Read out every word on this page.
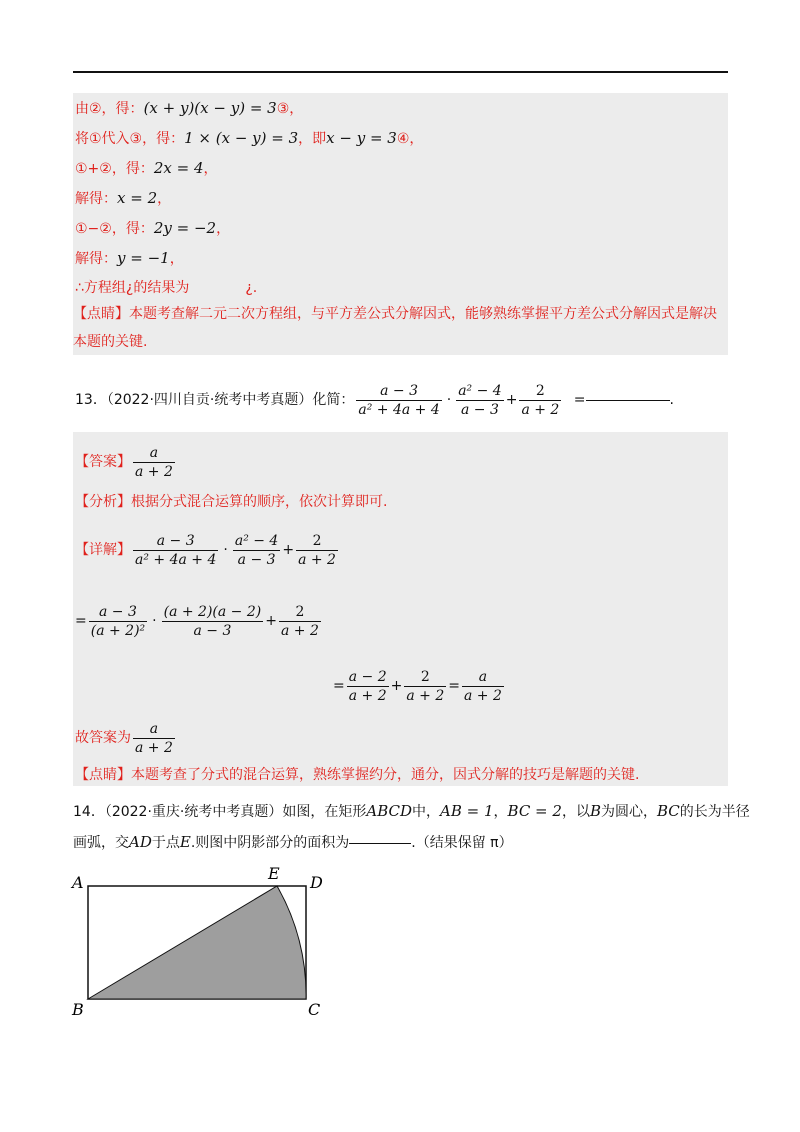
由②，得：(x + y)(x − y) = 3③，
将①代入③，得：1 × (x − y) = 3，即x − y = 3④，
①+②，得：2x = 4，
解得：x = 2，
①−②，得：2y = −2，
解得：y = −1，
∴方程组¿的结果为	¿.
【点睛】本题考查解二元二次方程组，与平方差公式分解因式，能够熟练掌握平方差公式分解因式是解决本题的关键.
13．（2022·四川自贡·统考中考真题）化简： $\frac{a - 3}{\text{a² + 4a + 4}} \cdot \frac{\text{a² − 4}}{a - 3} + \frac{2}{a + 2}$ =	.
【答案】 $\frac{a}{a + 2}$
【分析】根据分式混合运算的顺序，依次计算即可.
【详解】 $\frac{a - 3}{\text{a² + 4a + 4}} \cdot \frac{\text{a² − 4}}{a - 3} + \frac{2}{a + 2}$
= $\frac{a - 3}{\text{(a + 2)²}} \cdot \frac{(a + 2)(a - 2)}{a - 3} + \frac{2}{a + 2}$
= $\frac{a - 2}{a + 2} + \frac{2}{a + 2} = \frac{a}{a + 2}$
故答案为 $\frac{a}{a + 2}$
【点睛】本题考查了分式的混合运算，熟练掌握约分，通分，因式分解的技巧是解题的关键.
14．（2022·重庆·统考中考真题）如图，在矩形ABCD中，AB = 1，BC = 2，以B为圆心，BC的长为半径
画弧，交AD于点E.则图中阴影部分的面积为	.（结果保留 π）
A	E D
B	C
